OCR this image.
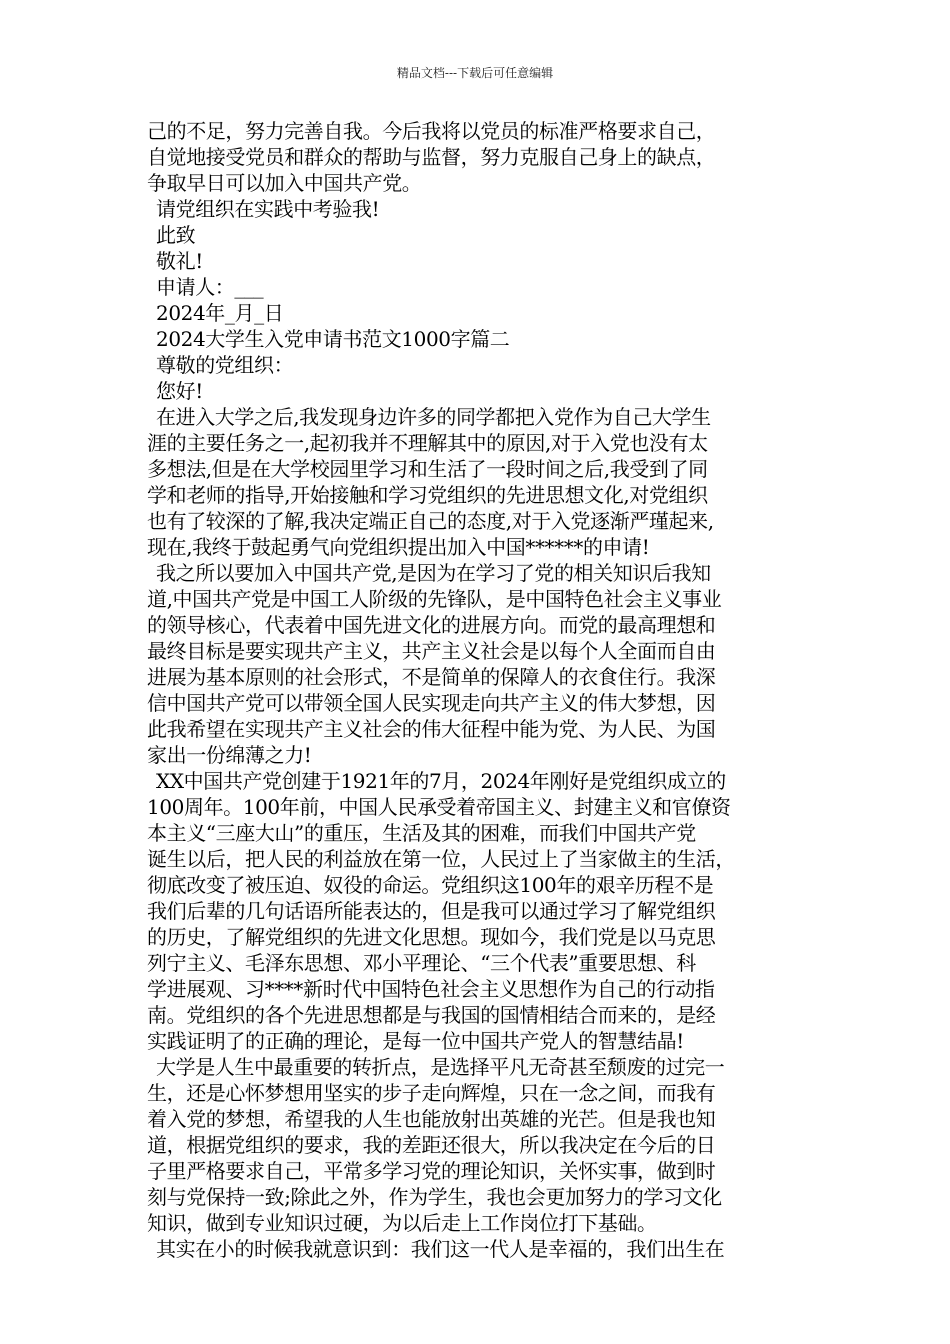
精品文档---下载后可任意编辑
己的不足，努力完善自我。今后我将以党员的标准严格要求自己，
自觉地接受党员和群众的帮助与监督，努力克服自己身上的缺点，
争取早日可以加入中国共产党。
请党组织在实践中考验我!
此致
敬礼!
申请人：___
2024年_月_日
2024大学生入党申请书范文1000字篇二
尊敬的党组织：
您好!
在进入大学之后,我发现身边许多的同学都把入党作为自己大学生
涯的主要任务之一,起初我并不理解其中的原因,对于入党也没有太
多想法,但是在大学校园里学习和生活了一段时间之后,我受到了同
学和老师的指导,开始接触和学习党组织的先进思想文化,对党组织
也有了较深的了解,我决定端正自己的态度,对于入党逐渐严瑾起来,
现在,我终于鼓起勇气向党组织提出加入中国******的申请!
我之所以要加入中国共产党,是因为在学习了党的相关知识后我知
道,中国共产党是中国工人阶级的先锋队，是中国特色社会主义事业
的领导核心，代表着中国先进文化的进展方向。而党的最高理想和
最终目标是要实现共产主义，共产主义社会是以每个人全面而自由
进展为基本原则的社会形式，不是简单的保障人的衣食住行。我深
信中国共产党可以带领全国人民实现走向共产主义的伟大梦想，因
此我希望在实现共产主义社会的伟大征程中能为党、为人民、为国
家出一份绵薄之力!
XX中国共产党创建于1921年的7月，2024年刚好是党组织成立的
100周年。100年前，中国人民承受着帝国主义、封建主义和官僚资
本主义“三座大山”的重压，生活及其的困难，而我们中国共产党
诞生以后，把人民的利益放在第一位，人民过上了当家做主的生活，
彻底改变了被压迫、奴役的命运。党组织这100年的艰辛历程不是
我们后辈的几句话语所能表达的，但是我可以通过学习了解党组织
的历史，了解党组织的先进文化思想。现如今，我们党是以马克思
列宁主义、毛泽东思想、邓小平理论、“三个代表”重要思想、科
学进展观、习****新时代中国特色社会主义思想作为自己的行动指
南。党组织的各个先进思想都是与我国的国情相结合而来的，是经
实践证明了的正确的理论，是每一位中国共产党人的智慧结晶!
大学是人生中最重要的转折点，是选择平凡无奇甚至颓废的过完一
生，还是心怀梦想用坚实的步子走向辉煌，只在一念之间，而我有
着入党的梦想，希望我的人生也能放射出英雄的光芒。但是我也知
道，根据党组织的要求，我的差距还很大，所以我决定在今后的日
子里严格要求自己，平常多学习党的理论知识，关怀实事，做到时
刻与党保持一致;除此之外，作为学生，我也会更加努力的学习文化
知识，做到专业知识过硬，为以后走上工作岗位打下基础。
其实在小的时候我就意识到：我们这一代人是幸福的，我们出生在
